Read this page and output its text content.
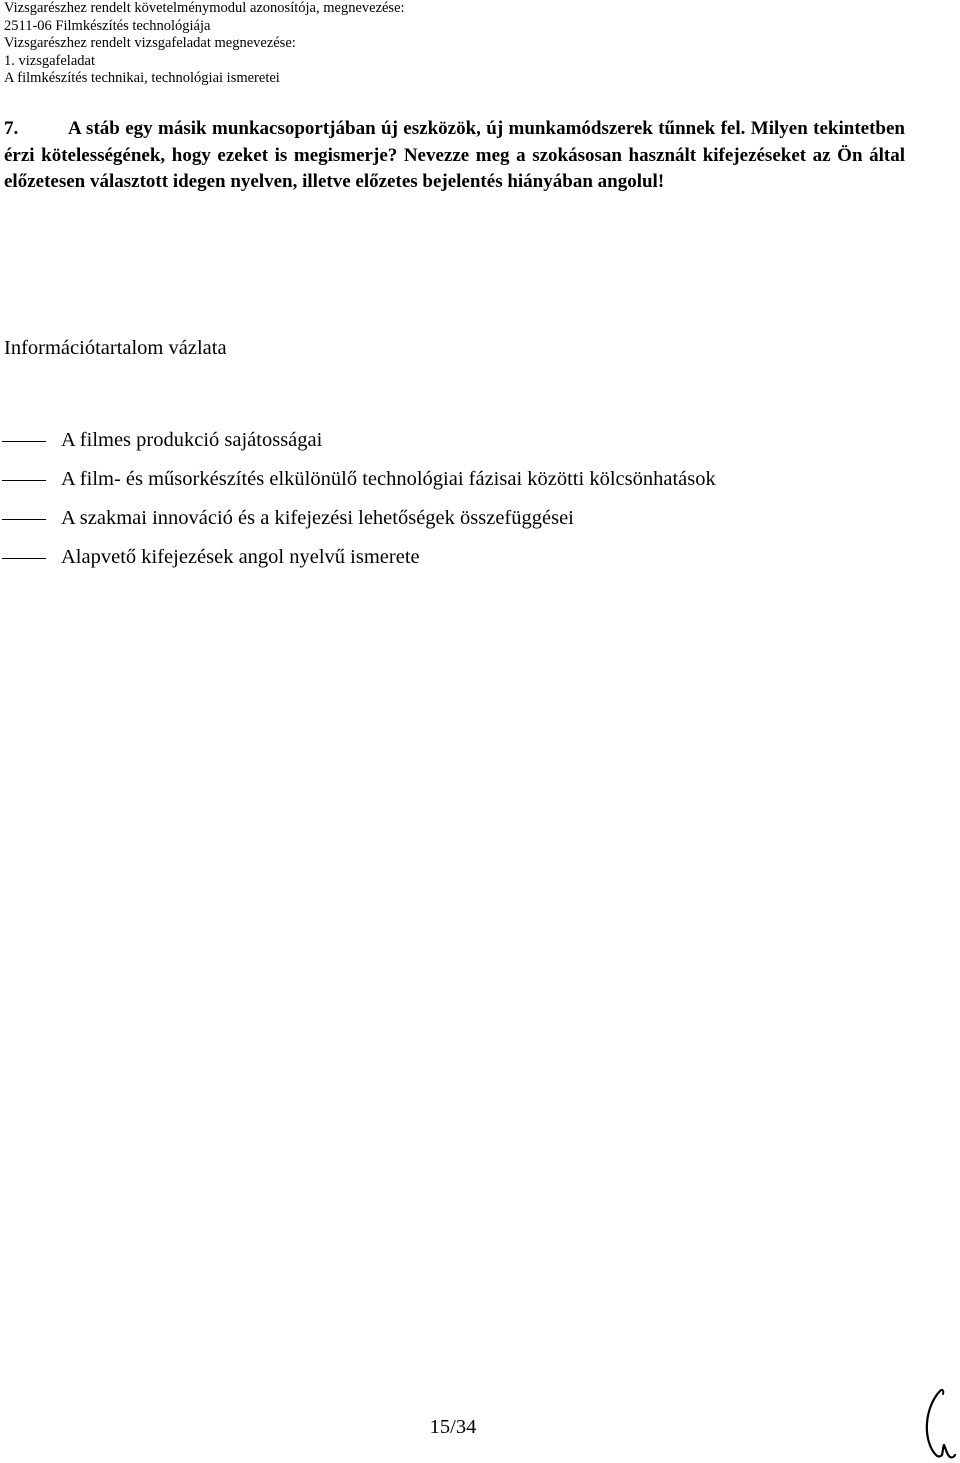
Vizsgarészhez rendelt követelménymodul azonosítója, megnevezése:
2511-06 Filmkészítés technológiája
Vizsgarészhez rendelt vizsgafeladat megnevezése:
1. vizsgafeladat
A filmkészítés technikai, technológiai ismeretei
7.	A stáb egy másik munkacsoportjában új eszközök, új munkamódszerek tűnnek fel. Milyen tekintetben érzi kötelességének, hogy ezeket is megismerje? Nevezze meg a szokásosan használt kifejezéseket az Ön által előzetesen választott idegen nyelven, illetve előzetes bejelentés hiányában angolul!
Információtartalom vázlata
A filmes produkció sajátosságai
A film- és műsorkészítés elkülönülő technológiai fázisai közötti kölcsönhatások
A szakmai innováció és a kifejezési lehetőségek összefüggései
Alapvető kifejezések angol nyelvű ismerete
15/34
